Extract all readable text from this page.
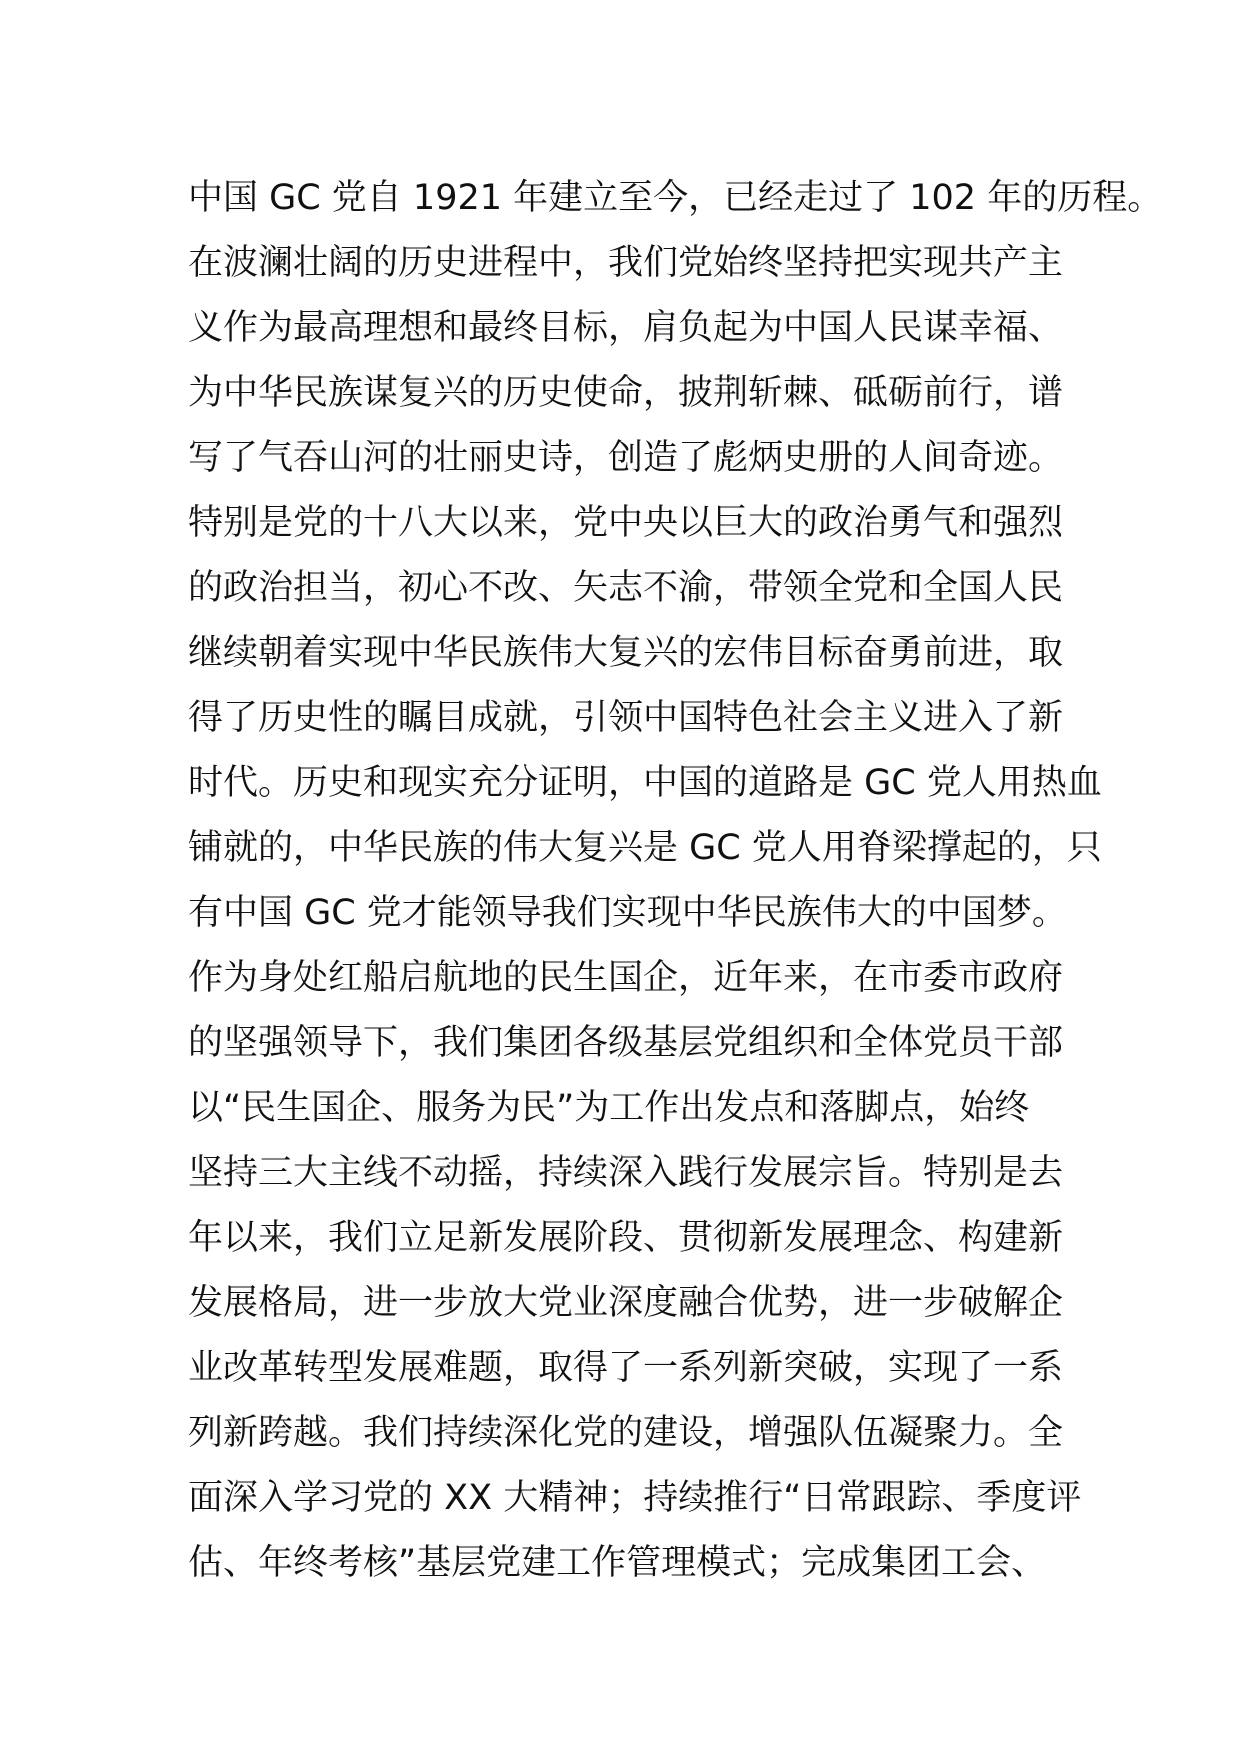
中国 GC 党自 1921 年建立至今，已经走过了 102 年的历程。
在波澜壮阔的历史进程中，我们党始终坚持把实现共产主
义作为最高理想和最终目标，肩负起为中国人民谋幸福、
为中华民族谋复兴的历史使命，披荆斩棘、砥砺前行，谱
写了气吞山河的壮丽史诗，创造了彪炳史册的人间奇迹。
特别是党的十八大以来，党中央以巨大的政治勇气和强烈
的政治担当，初心不改、矢志不渝，带领全党和全国人民
继续朝着实现中华民族伟大复兴的宏伟目标奋勇前进，取
得了历史性的瞩目成就，引领中国特色社会主义进入了新
时代。历史和现实充分证明，中国的道路是 GC 党人用热血
铺就的，中华民族的伟大复兴是 GC 党人用脊梁撑起的，只
有中国 GC 党才能领导我们实现中华民族伟大的中国梦。
作为身处红船启航地的民生国企，近年来，在市委市政府
的坚强领导下，我们集团各级基层党组织和全体党员干部
以“民生国企、服务为民”为工作出发点和落脚点，始终
坚持三大主线不动摇，持续深入践行发展宗旨。特别是去
年以来，我们立足新发展阶段、贯彻新发展理念、构建新
发展格局，进一步放大党业深度融合优势，进一步破解企
业改革转型发展难题，取得了一系列新突破，实现了一系
列新跨越。我们持续深化党的建设，增强队伍凝聚力。全
面深入学习党的 XX 大精神；持续推行“日常跟踪、季度评
估、年终考核”基层党建工作管理模式；完成集团工会、
